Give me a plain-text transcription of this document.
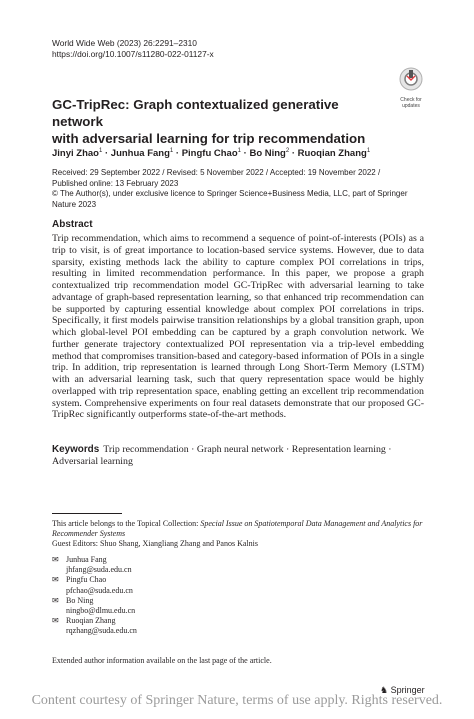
World Wide Web (2023) 26:2291–2310
https://doi.org/10.1007/s11280-022-01127-x
Check for
updates
GC-TripRec: Graph contextualized generative network
with adversarial learning for trip recommendation
Jinyi Zhao$^1$ · Junhua Fang$^1$ · Pingfu Chao$^1$ · Bo Ning$^2$ · Ruoqian Zhang$^1$
Received: 29 September 2022 / Revised: 5 November 2022 / Accepted: 19 November 2022 /
Published online: 13 February 2023
© The Author(s), under exclusive licence to Springer Science+Business Media, LLC, part of Springer Nature 2023
Abstract
Trip recommendation, which aims to recommend a sequence of point-of-interests (POIs) as a trip to visit, is of great importance to location-based service systems. However, due to data sparsity, existing methods lack the ability to capture complex POI correlations in trips, resulting in limited recommendation performance. In this paper, we propose a graph contextualized trip recommendation model GC-TripRec with adversarial learning to take advantage of graph-based representation learning, so that enhanced trip recommendation can be supported by capturing essential knowledge about complex POI correlations in trips. Specifically, it first models pairwise transition relationships by a global transition graph, upon which global-level POI embedding can be captured by a graph convolution network. We further generate trajectory contextualized POI representation via a trip-level embedding method that compromises transition-based and category-based information of POIs in a single trip. In addition, trip representation is learned through Long Short-Term Memory (LSTM) with an adversarial learning task, such that query representation space would be highly overlapped with trip representation space, enabling getting an excellent trip recommendation system. Comprehensive experiments on four real datasets demonstrate that our proposed GC-TripRec significantly outperforms state-of-the-art methods.
Keywords Trip recommendation · Graph neural network · Representation learning · Adversarial learning
This article belongs to the Topical Collection: Special Issue on Spatiotemporal Data Management and Analytics for Recommender Systems
Guest Editors: Shuo Shang, Xiangliang Zhang and Panos Kalnis
✉ Junhua Fang
jhfang@suda.edu.cn
✉ Pingfu Chao
pfchao@suda.edu.cn
✉ Bo Ning
ningbo@dlmu.edu.cn
✉ Ruoqian Zhang
rqzhang@suda.edu.cn
Extended author information available on the last page of the article.
♞ Springer
Content courtesy of Springer Nature, terms of use apply. Rights reserved.
